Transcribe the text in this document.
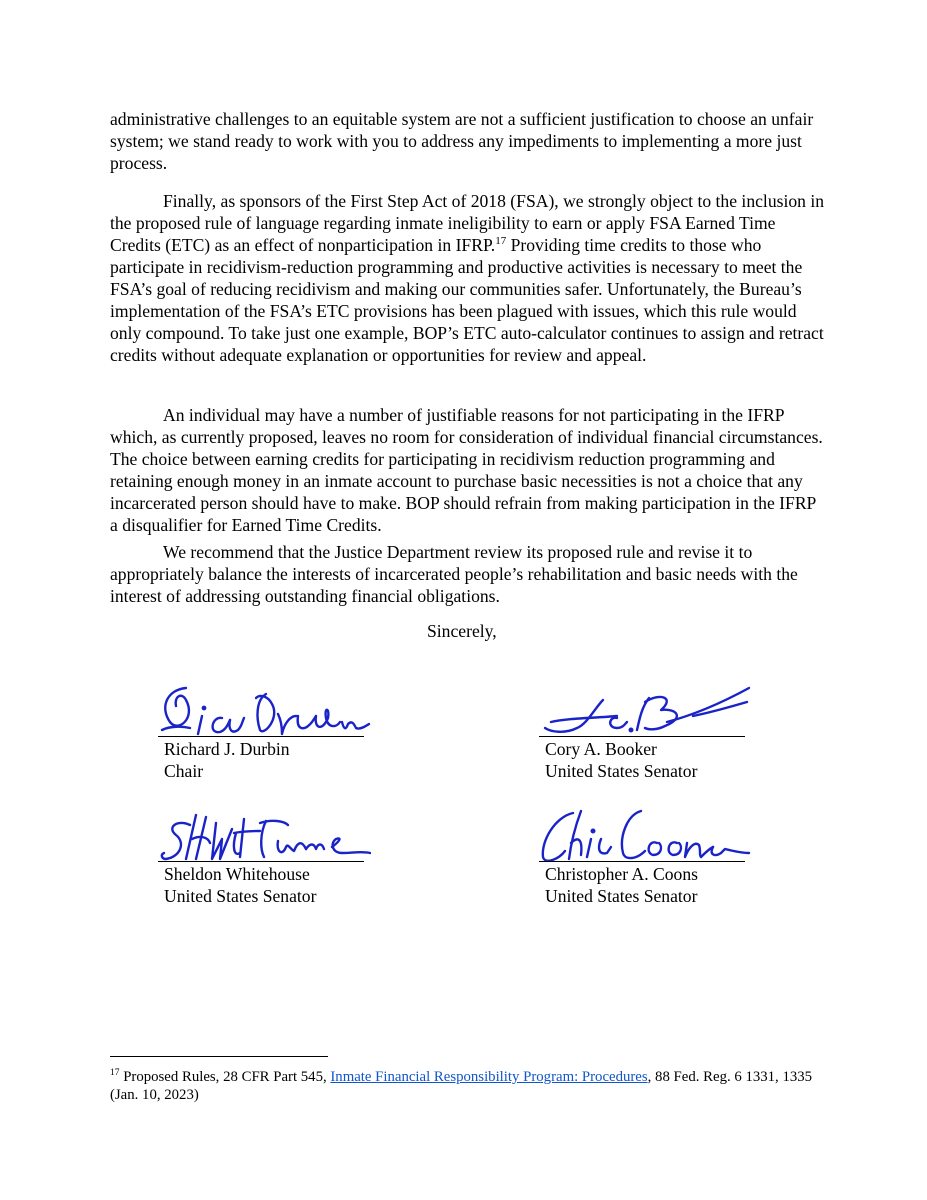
administrative challenges to an equitable system are not a sufficient justification to choose an unfair system; we stand ready to work with you to address any impediments to implementing a more just process.

Finally, as sponsors of the First Step Act of 2018 (FSA), we strongly object to the inclusion in the proposed rule of language regarding inmate ineligibility to earn or apply FSA Earned Time Credits (ETC) as an effect of nonparticipation in IFRP.$^{17}$ Providing time credits to those who participate in recidivism-reduction programming and productive activities is necessary to meet the FSA’s goal of reducing recidivism and making our communities safer. Unfortunately, the Bureau’s implementation of the FSA’s ETC provisions has been plagued with issues, which this rule would only compound. To take just one example, BOP’s ETC auto-calculator continues to assign and retract credits without adequate explanation or opportunities for review and appeal.

An individual may have a number of justifiable reasons for not participating in the IFRP which, as currently proposed, leaves no room for consideration of individual financial circumstances. The choice between earning credits for participating in recidivism reduction programming and retaining enough money in an inmate account to purchase basic necessities is not a choice that any incarcerated person should have to make. BOP should refrain from making participation in the IFRP a disqualifier for Earned Time Credits.

We recommend that the Justice Department review its proposed rule and revise it to appropriately balance the interests of incarcerated people’s rehabilitation and basic needs with the interest of addressing outstanding financial obligations.

Sincerely,

Richard J. Durbin
Chair
Cory A. Booker
United States Senator
Sheldon Whitehouse
United States Senator
Christopher A. Coons
United States Senator

$^{17}$ Proposed Rules, 28 CFR Part 545, Inmate Financial Responsibility Program: Procedures, 88 Fed. Reg. 6 1331, 1335 (Jan. 10, 2023)
